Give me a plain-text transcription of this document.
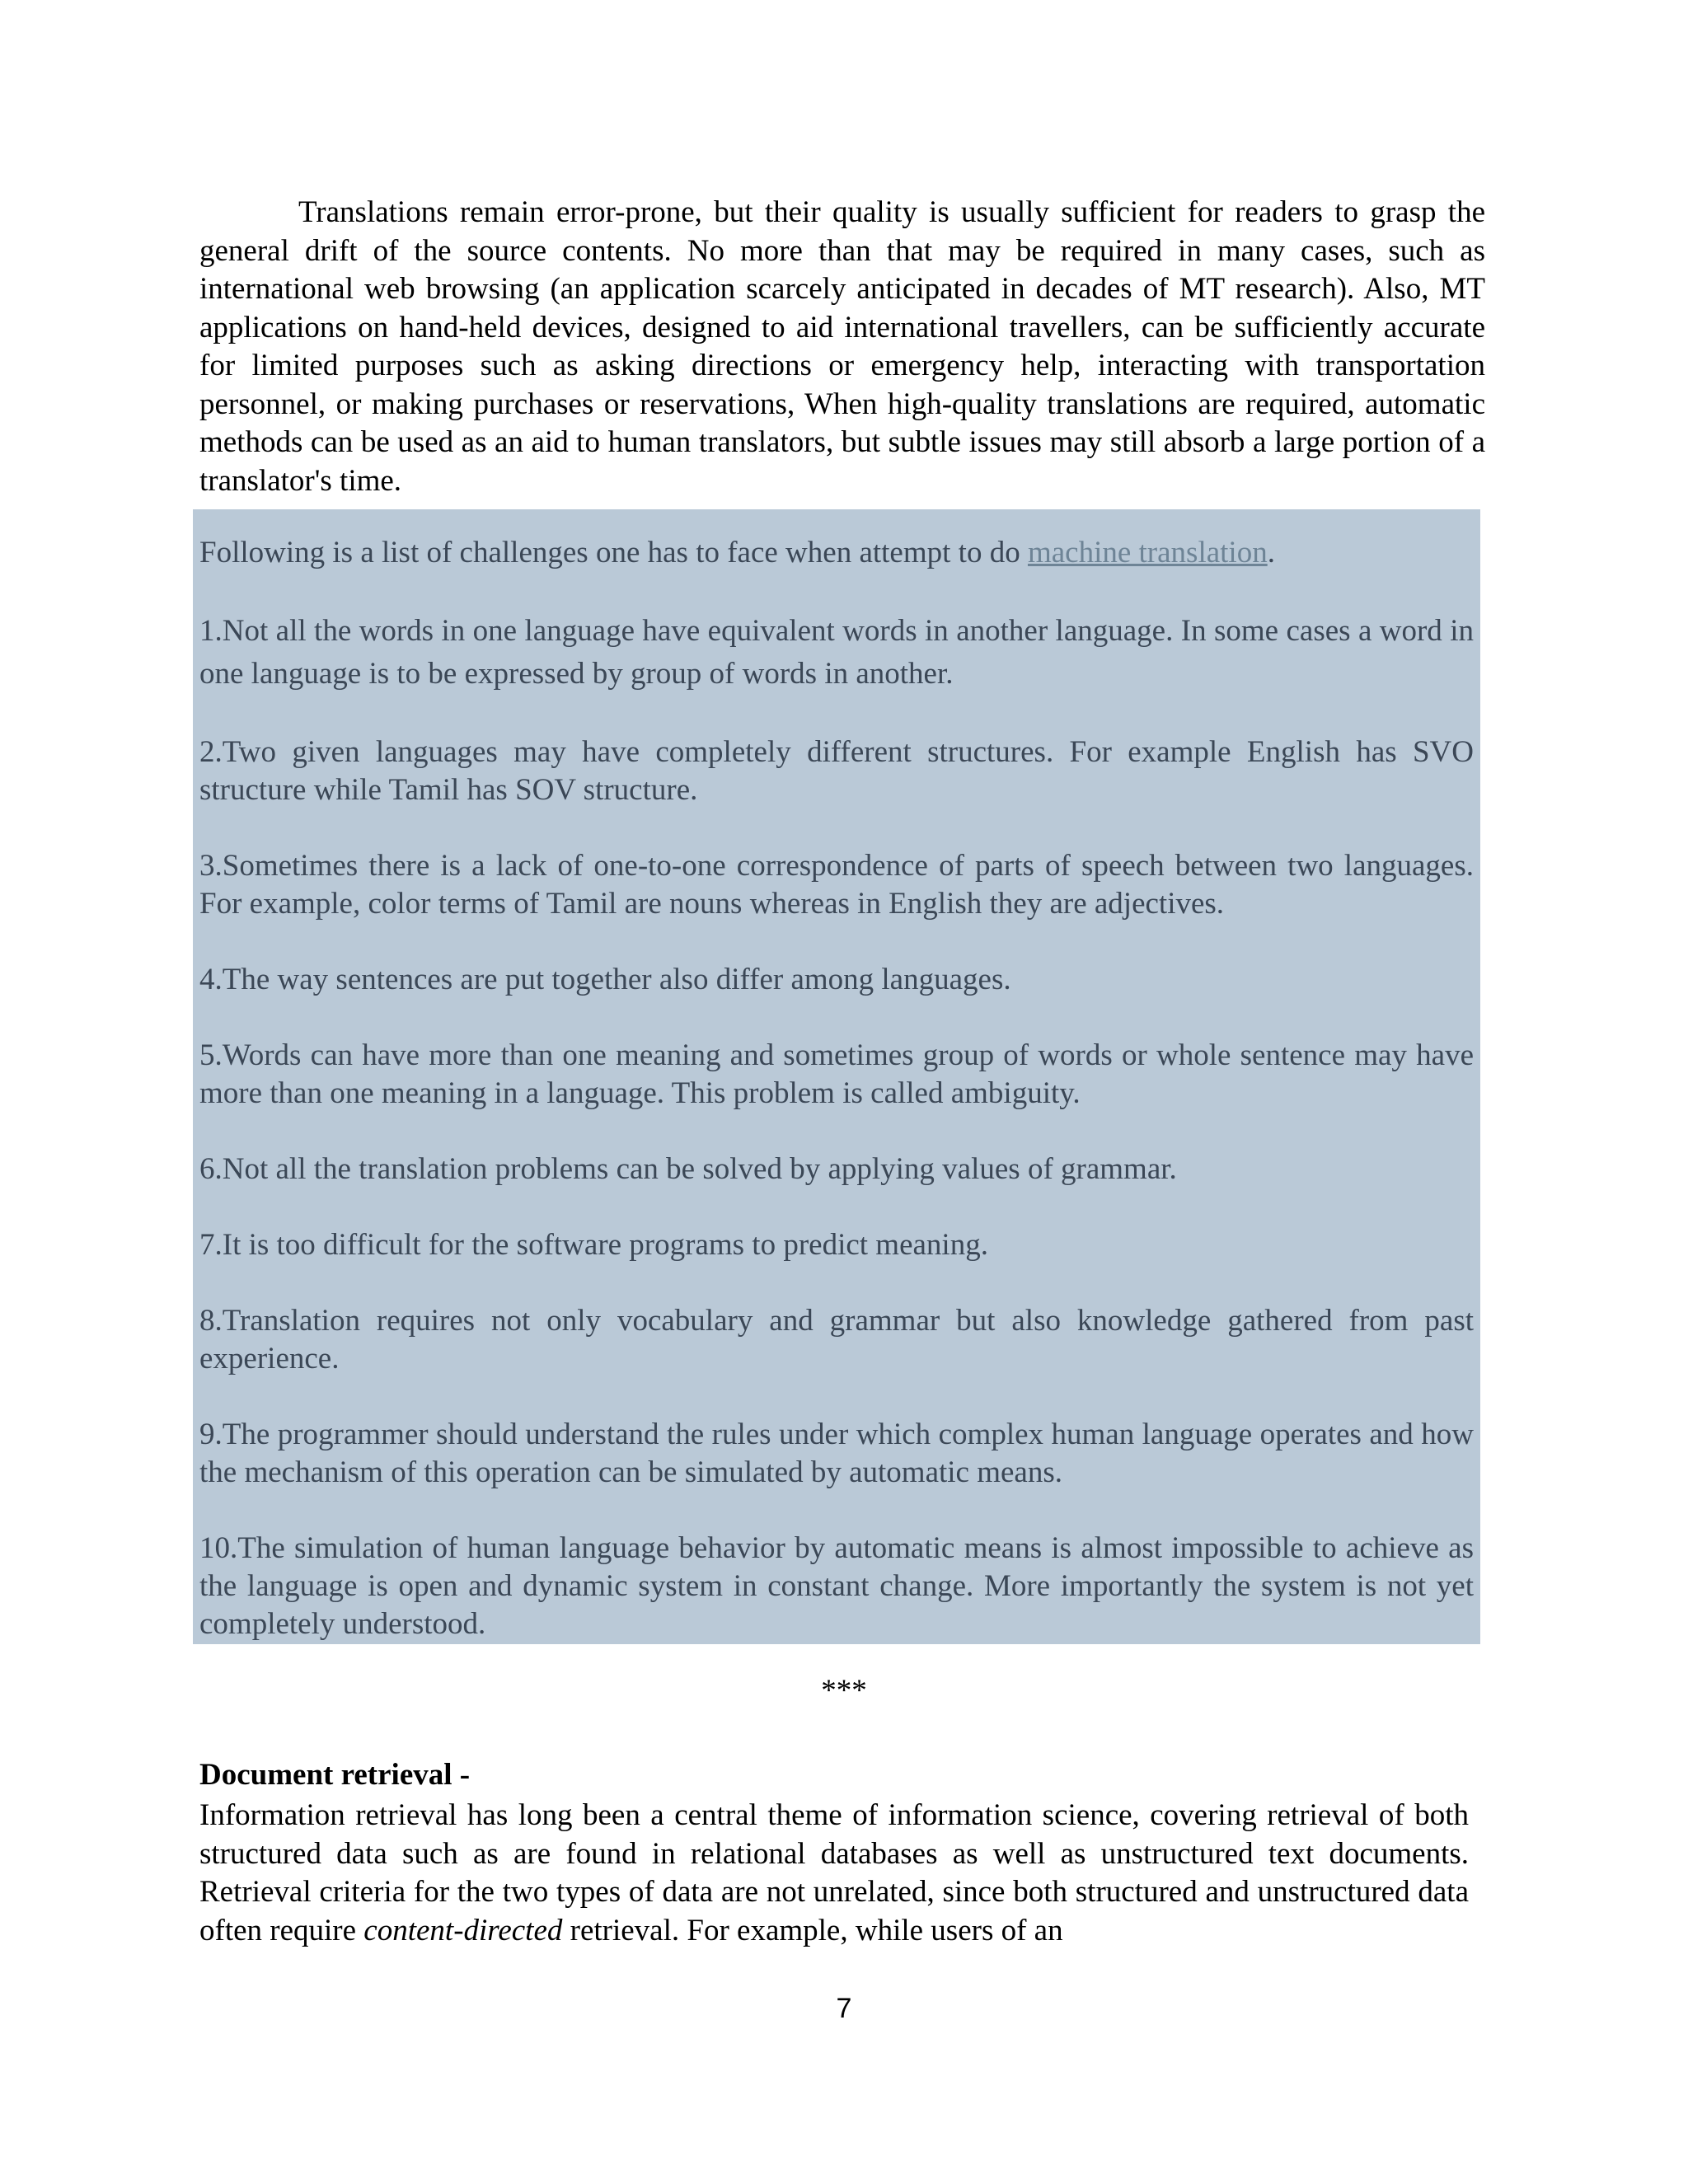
Translations remain error-prone, but their quality is usually sufficient for readers to grasp the general drift of the source contents. No more than that may be required in many cases, such as international web browsing (an application scarcely anticipated in decades of MT research). Also, MT applications on hand-held devices, designed to aid international travellers, can be sufficiently accurate for limited purposes such as asking directions or emergency help, interacting with transportation personnel, or making purchases or reservations, When high-quality translations are required, automatic methods can be used as an aid to human translators, but subtle issues may still absorb a large portion of a translator's time.

Following is a list of challenges one has to face when attempt to do machine translation.

1.Not all the words in one language have equivalent words in another language. In some cases a word in one language is to be expressed by group of words in another.

2.Two given languages may have completely different structures. For example English has SVO structure while Tamil has SOV structure.

3.Sometimes there is a lack of one-to-one correspondence of parts of speech between two languages. For example, color terms of Tamil are nouns whereas in English they are adjectives.

4.The way sentences are put together also differ among languages.

5.Words can have more than one meaning and sometimes group of words or whole sentence may have more than one meaning in a language. This problem is called ambiguity.

6.Not all the translation problems can be solved by applying values of grammar.

7.It is too difficult for the software programs to predict meaning.

8.Translation requires not only vocabulary and grammar but also knowledge gathered from past experience.

9.The programmer should understand the rules under which complex human language operates and how the mechanism of this operation can be simulated by automatic means.

10.The simulation of human language behavior by automatic means is almost impossible to achieve as the language is open and dynamic system in constant change. More importantly the system is not yet completely understood.

***

Document retrieval -

Information retrieval has long been a central theme of information science, covering retrieval of both structured data such as are found in relational databases as well as unstructured text documents. Retrieval criteria for the two types of data are not unrelated, since both structured and unstructured data often require content-directed retrieval. For example, while users of an

7
